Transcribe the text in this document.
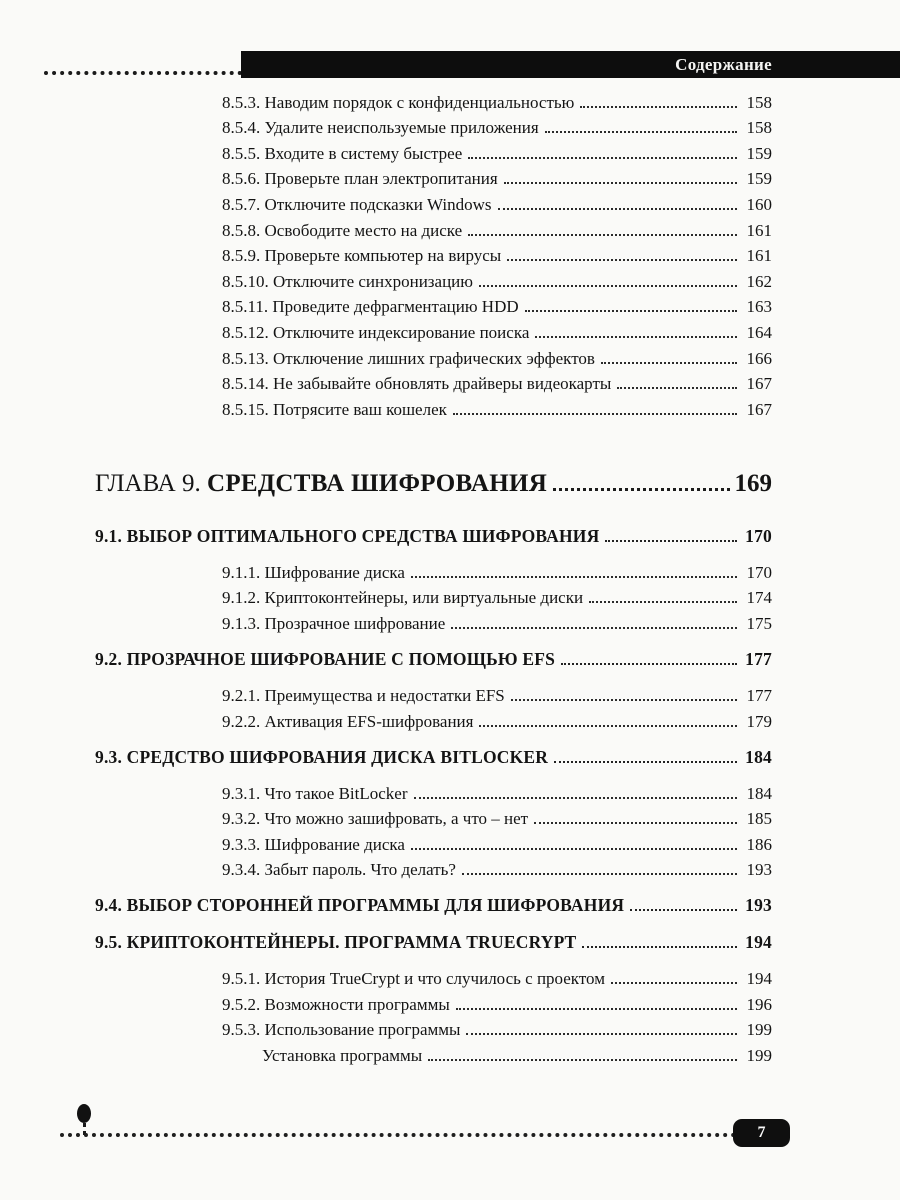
Содержание
8.5.3. Наводим порядок с конфиденциальностью	158
8.5.4. Удалите неиспользуемые приложения	158
8.5.5. Входите в систему быстрее	159
8.5.6. Проверьте план электропитания	159
8.5.7. Отключите подсказки Windows	160
8.5.8. Освободите место на диске	161
8.5.9. Проверьте компьютер на вирусы	161
8.5.10. Отключите синхронизацию	162
8.5.11. Проведите дефрагментацию HDD	163
8.5.12. Отключите индексирование поиска	164
8.5.13. Отключение лишних графических эффектов	166
8.5.14. Не забывайте обновлять драйверы видеокарты	167
8.5.15. Потрясите ваш кошелек	167
ГЛАВА 9. СРЕДСТВА ШИФРОВАНИЯ	169
9.1. ВЫБОР ОПТИМАЛЬНОГО СРЕДСТВА ШИФРОВАНИЯ	170
9.1.1. Шифрование диска	170
9.1.2. Криптоконтейнеры, или виртуальные диски	174
9.1.3. Прозрачное шифрование	175
9.2. ПРОЗРАЧНОЕ ШИФРОВАНИЕ С ПОМОЩЬЮ EFS	177
9.2.1. Преимущества и недостатки EFS	177
9.2.2. Активация EFS-шифрования	179
9.3. СРЕДСТВО ШИФРОВАНИЯ ДИСКА BITLOCKER	184
9.3.1. Что такое BitLocker	184
9.3.2. Что можно зашифровать, а что – нет	185
9.3.3. Шифрование диска	186
9.3.4. Забыт пароль. Что делать?	193
9.4. ВЫБОР СТОРОННЕЙ ПРОГРАММЫ ДЛЯ ШИФРОВАНИЯ	193
9.5. КРИПТОКОНТЕЙНЕРЫ. ПРОГРАММА TRUECRYPT	194
9.5.1. История TrueCrypt и что случилось с проектом	194
9.5.2. Возможности программы	196
9.5.3. Использование программы	199
Установка программы	199
7
